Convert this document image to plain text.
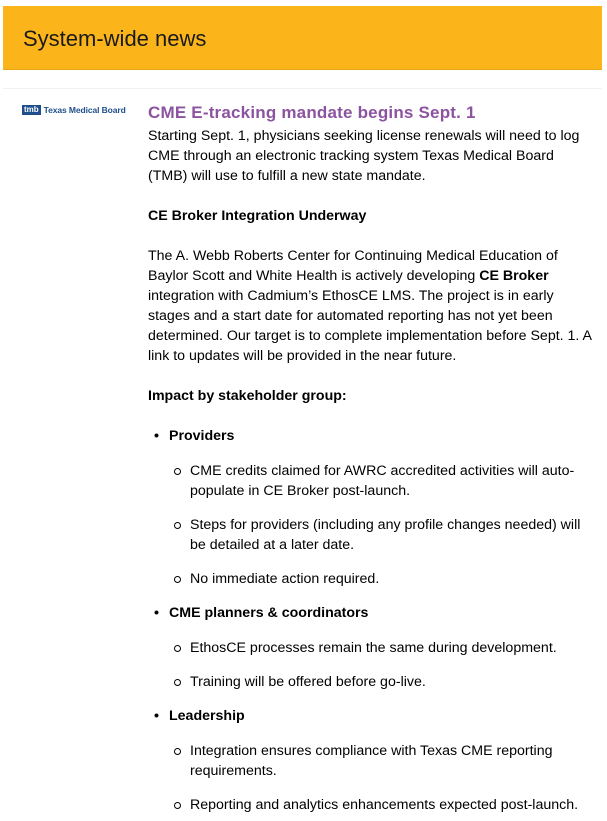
System-wide news
tmb Texas Medical Board CME E-tracking mandate begins Sept. 1

Starting Sept. 1, physicians seeking license renewals will need to log CME through an electronic tracking system Texas Medical Board (TMB) will use to fulfill a new state mandate.

CE Broker Integration Underway

The A. Webb Roberts Center for Continuing Medical Education of Baylor Scott and White Health is actively developing CE Broker integration with Cadmium’s EthosCE LMS. The project is in early stages and a start date for automated reporting has not yet been determined. Our target is to complete implementation before Sept. 1. A link to updates will be provided in the near future.

Impact by stakeholder group:

• Providers
CME credits claimed for AWRC accredited activities will auto-populate in CE Broker post-launch.
Steps for providers (including any profile changes needed) will be detailed at a later date.
No immediate action required.
• CME planners & coordinators
EthosCE processes remain the same during development.
Training will be offered before go-live.
• Leadership
Integration ensures compliance with Texas CME reporting requirements.
Reporting and analytics enhancements expected post-launch.
